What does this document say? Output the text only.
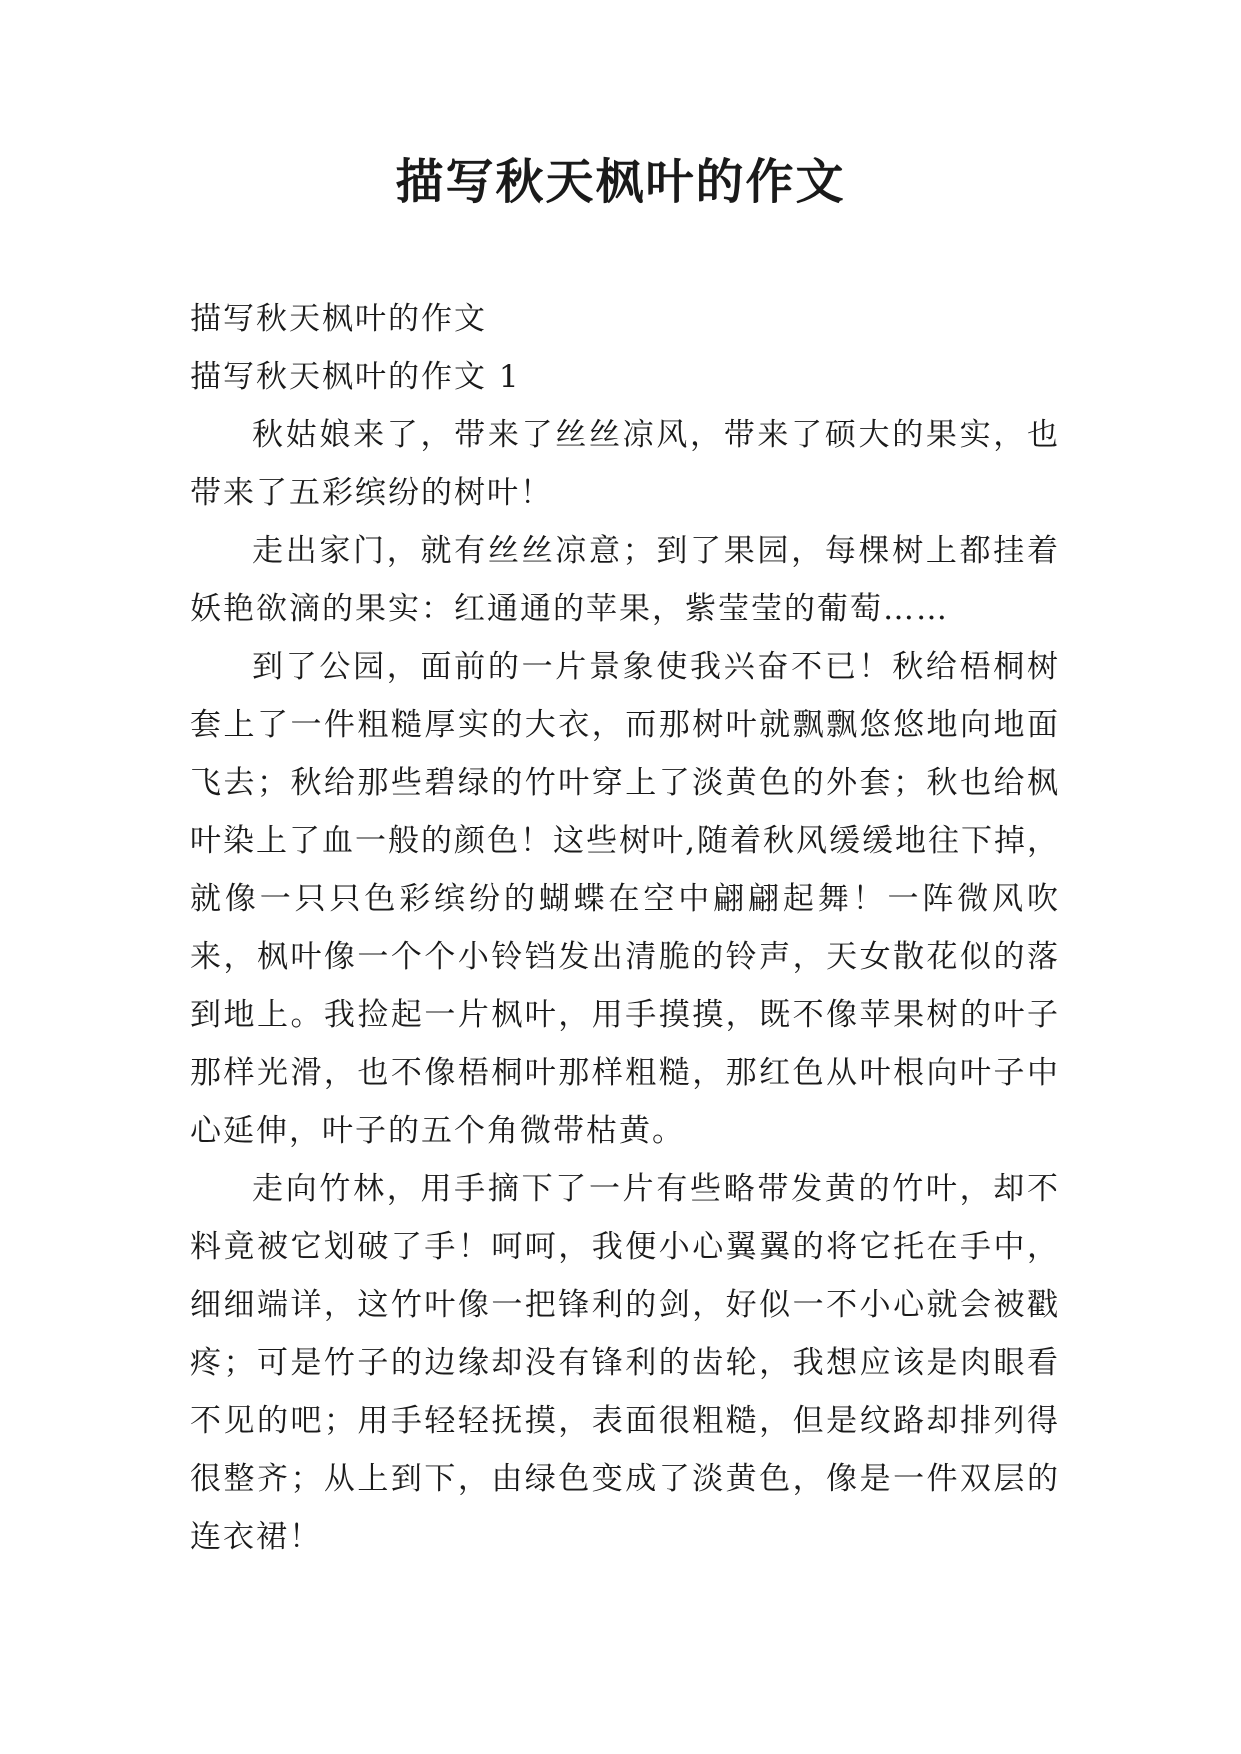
描写秋天枫叶的作文

描写秋天枫叶的作文

描写秋天枫叶的作文 1

秋姑娘来了，带来了丝丝凉风，带来了硕大的果实，也带来了五彩缤纷的树叶！

走出家门，就有丝丝凉意；到了果园，每棵树上都挂着妖艳欲滴的果实：红通通的苹果，紫莹莹的葡萄……

到了公园，面前的一片景象使我兴奋不已！秋给梧桐树套上了一件粗糙厚实的大衣，而那树叶就飘飘悠悠地向地面飞去；秋给那些碧绿的竹叶穿上了淡黄色的外套；秋也给枫叶染上了血一般的颜色！这些树叶,随着秋风缓缓地往下掉，就像一只只色彩缤纷的蝴蝶在空中翩翩起舞！一阵微风吹来，枫叶像一个个小铃铛发出清脆的铃声，天女散花似的落到地上。我捡起一片枫叶，用手摸摸，既不像苹果树的叶子那样光滑，也不像梧桐叶那样粗糙，那红色从叶根向叶子中心延伸，叶子的五个角微带枯黄。

走向竹林，用手摘下了一片有些略带发黄的竹叶，却不料竟被它划破了手！呵呵，我便小心翼翼的将它托在手中，细细端详，这竹叶像一把锋利的剑，好似一不小心就会被戳疼；可是竹子的边缘却没有锋利的齿轮，我想应该是肉眼看不见的吧；用手轻轻抚摸，表面很粗糙，但是纹路却排列得很整齐；从上到下，由绿色变成了淡黄色，像是一件双层的连衣裙！
